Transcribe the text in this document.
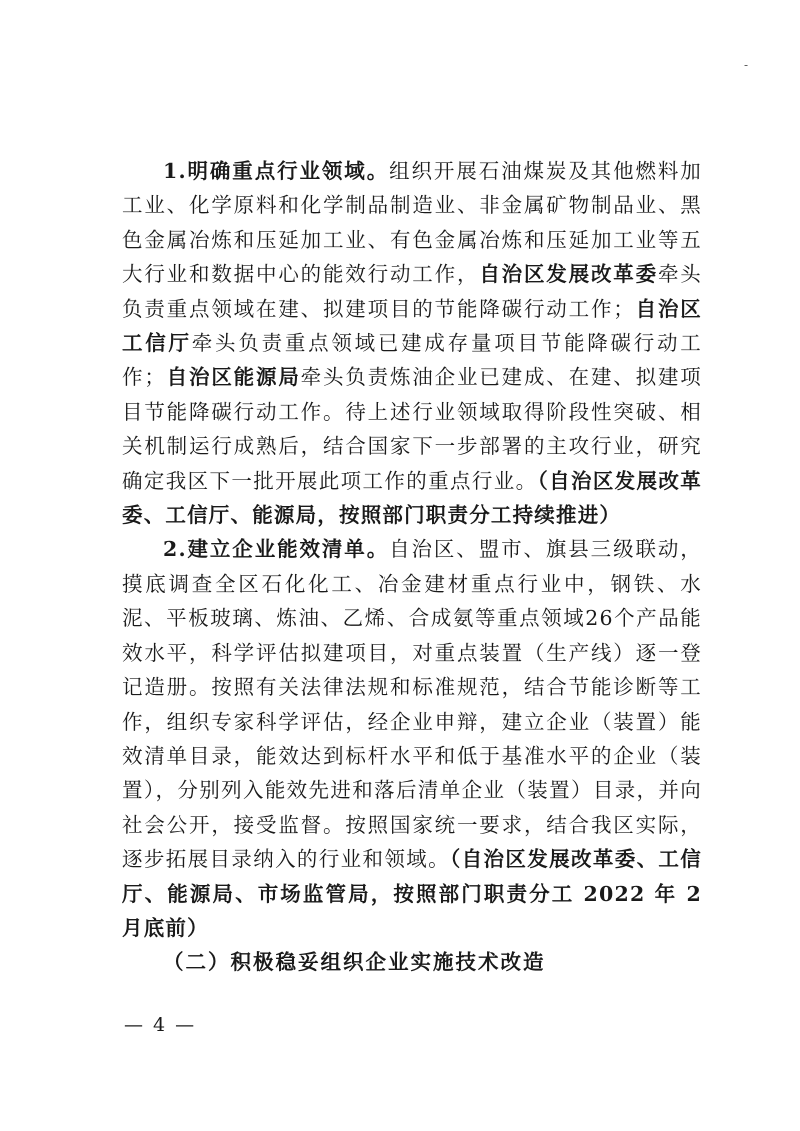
-

1.明确重点行业领域。组织开展石油煤炭及其他燃料加工业、化学原料和化学制品制造业、非金属矿物制品业、黑色金属冶炼和压延加工业、有色金属冶炼和压延加工业等五大行业和数据中心的能效行动工作，自治区发展改革委牵头负责重点领域在建、拟建项目的节能降碳行动工作；自治区工信厅牵头负责重点领域已建成存量项目节能降碳行动工作；自治区能源局牵头负责炼油企业已建成、在建、拟建项目节能降碳行动工作。待上述行业领域取得阶段性突破、相关机制运行成熟后，结合国家下一步部署的主攻行业，研究确定我区下一批开展此项工作的重点行业。（自治区发展改革委、工信厅、能源局，按照部门职责分工持续推进）

2.建立企业能效清单。自治区、盟市、旗县三级联动，摸底调查全区石化化工、冶金建材重点行业中，钢铁、水泥、平板玻璃、炼油、乙烯、合成氨等重点领域26个产品能效水平，科学评估拟建项目，对重点装置（生产线）逐一登记造册。按照有关法律法规和标准规范，结合节能诊断等工作，组织专家科学评估，经企业申辩，建立企业（装置）能效清单目录，能效达到标杆水平和低于基准水平的企业（装置），分别列入能效先进和落后清单企业（装置）目录，并向社会公开，接受监督。按照国家统一要求，结合我区实际，逐步拓展目录纳入的行业和领域。（自治区发展改革委、工信厅、能源局、市场监管局，按照部门职责分工 2022 年 2 月底前）

（二）积极稳妥组织企业实施技术改造

— 4 —
